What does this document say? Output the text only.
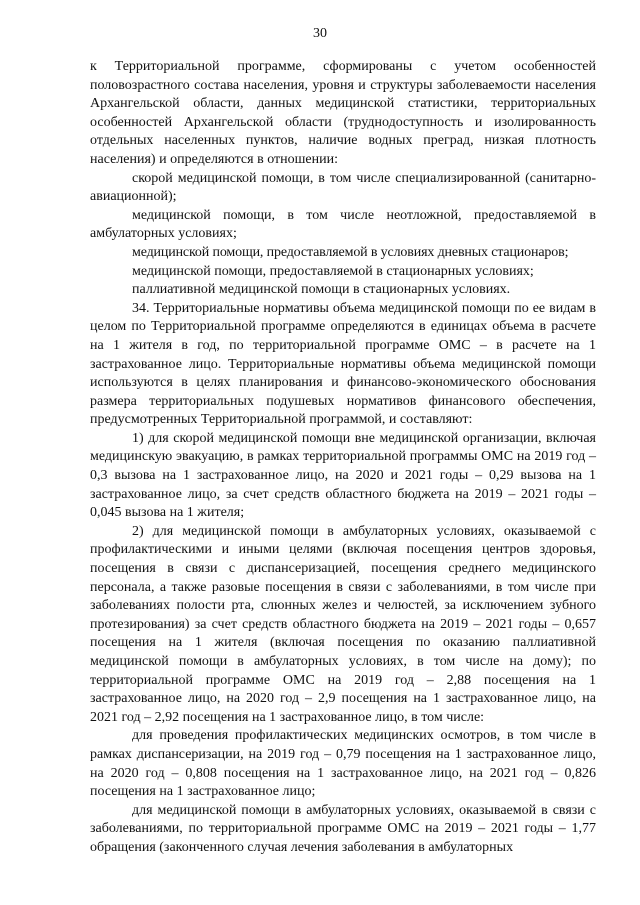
30

к Территориальной программе, сформированы с учетом особенностей половозрастного состава населения, уровня и структуры заболеваемости населения Архангельской области, данных медицинской статистики, территориальных особенностей Архангельской области (труднодоступность и изолированность отдельных населенных пунктов, наличие водных преград, низкая плотность населения) и определяются в отношении:

скорой медицинской помощи, в том числе специализированной (санитарно-авиационной);

медицинской помощи, в том числе неотложной, предоставляемой в амбулаторных условиях;

медицинской помощи, предоставляемой в условиях дневных стационаров;

медицинской помощи, предоставляемой в стационарных условиях;

паллиативной медицинской помощи в стационарных условиях.

34. Территориальные нормативы объема медицинской помощи по ее видам в целом по Территориальной программе определяются в единицах объема в расчете на 1 жителя в год, по территориальной программе ОМС – в расчете на 1 застрахованное лицо. Территориальные нормативы объема медицинской помощи используются в целях планирования и финансово-экономического обоснования размера территориальных подушевых нормативов финансового обеспечения, предусмотренных Территориальной программой, и составляют:

1) для скорой медицинской помощи вне медицинской организации, включая медицинскую эвакуацию, в рамках территориальной программы ОМС на 2019 год – 0,3 вызова на 1 застрахованное лицо, на 2020 и 2021 годы – 0,29 вызова на 1 застрахованное лицо, за счет средств областного бюджета на 2019 – 2021 годы – 0,045 вызова на 1 жителя;

2) для медицинской помощи в амбулаторных условиях, оказываемой с профилактическими и иными целями (включая посещения центров здоровья, посещения в связи с диспансеризацией, посещения среднего медицинского персонала, а также разовые посещения в связи с заболеваниями, в том числе при заболеваниях полости рта, слюнных желез и челюстей, за исключением зубного протезирования) за счет средств областного бюджета на 2019 – 2021 годы – 0,657 посещения на 1 жителя (включая посещения по оказанию паллиативной медицинской помощи в амбулаторных условиях, в том числе на дому); по территориальной программе ОМС на 2019 год – 2,88 посещения на 1 застрахованное лицо, на 2020 год – 2,9 посещения на 1 застрахованное лицо, на 2021 год – 2,92 посещения на 1 застрахованное лицо, в том числе:

для проведения профилактических медицинских осмотров, в том числе в рамках диспансеризации, на 2019 год – 0,79 посещения на 1 застрахованное лицо, на 2020 год – 0,808 посещения на 1 застрахованное лицо, на 2021 год – 0,826 посещения на 1 застрахованное лицо;

для медицинской помощи в амбулаторных условиях, оказываемой в связи с заболеваниями, по территориальной программе ОМС на 2019 – 2021 годы – 1,77 обращения (законченного случая лечения заболевания в амбулаторных
